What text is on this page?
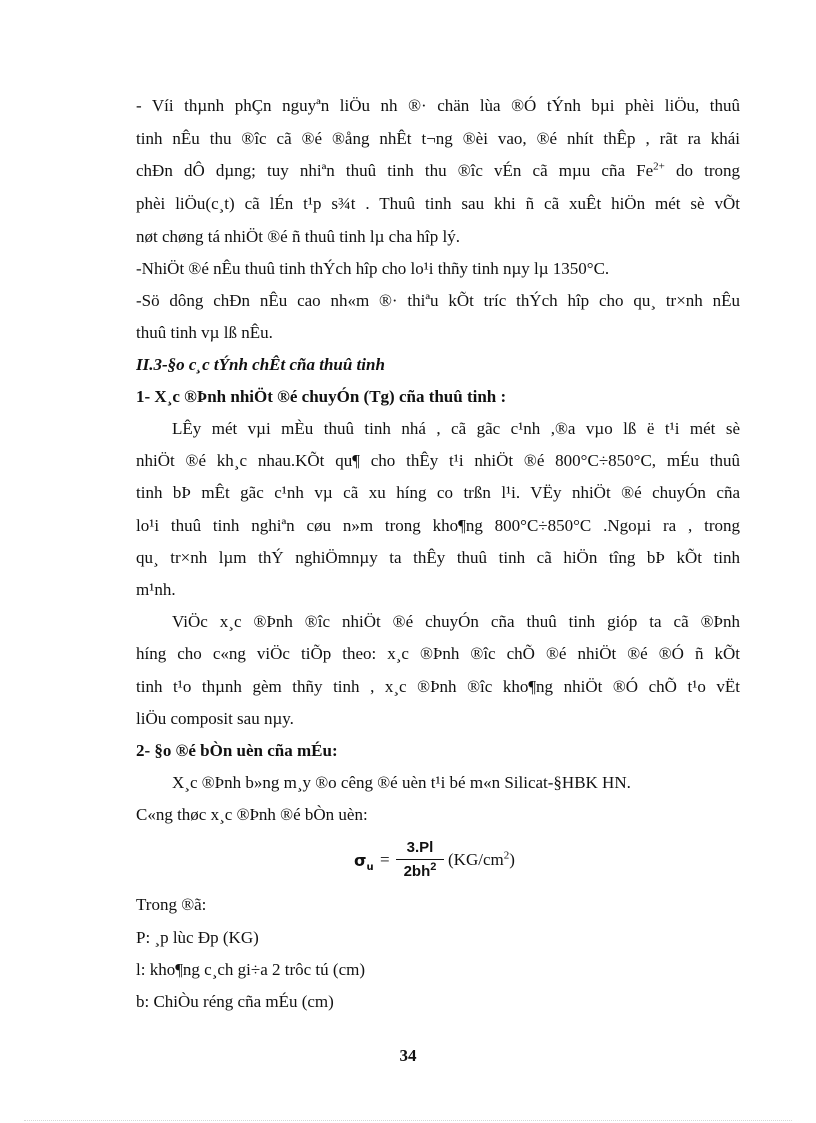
- Víi thµnh phÇn nguyªn liÖu nh ®· chän lùa ®Ó tÝnh bµi phèi liÖu, thuû
tinh nÊu thu ®îc cã ®é ®ång nhÊt t¬ng ®èi vao, ®é nhít thÊp , rãt ra khái
chÐn dÔ dµng; tuy nhiªn thuû tinh thu ®îc vÉn cã mµu cña $Fe^{2+}$ do trong
phèi liÖu(c¸t) cã lÉn t¹p s¾t . Thuû tinh sau khi ñ cã xuÊt hiÖn mét sè vÕt
nøt chøng tá nhiÖt ®é ñ thuû tinh lµ cha hîp lý.
-NhiÖt ®é nÊu thuû tinh thÝch hîp cho lo¹i thñy tinh nµy lµ 1350°C.
-Sö dông chÐn nÊu cao nh«m ®· thiªu kÕt tríc thÝch hîp cho qu¸ tr×nh nÊu
thuû tinh vµ lß nÊu.
II.3-§o c¸c tÝnh chÊt cña thuû tinh
1- X¸c ®Þnh nhiÖt ®é chuyÓn (Tg) cña thuû tinh :
LÊy mét vµi mÈu thuû tinh nhá , cã gãc c¹nh ,®a vµo lß ë t¹i mét sè
nhiÖt ®é kh¸c nhau.KÕt qu¶ cho thÊy t¹i nhiÖt ®é 800°C÷850°C, mÉu thuû
tinh bÞ mÊt gãc c¹nh vµ cã xu híng co trßn l¹i. VËy nhiÖt ®é chuyÓn cña
lo¹i thuû tinh nghiªn cøu n»m trong kho¶ng 800°C÷850°C .Ngoµi ra , trong
qu¸ tr×nh lµm thÝ nghiÖmnµy ta thÊy thuû tinh cã hiÖn tîng bÞ kÕt tinh
m¹nh.
ViÖc x¸c ®Þnh ®îc nhiÖt ®é chuyÓn cña thuû tinh gióp ta cã ®Þnh
híng cho c«ng viÖc tiÕp theo: x¸c ®Þnh ®îc chÕ ®é nhiÖt ®é ®Ó ñ kÕt
tinh t¹o thµnh gèm thñy tinh , x¸c ®Þnh ®îc kho¶ng nhiÖt ®Ó chÕ t¹o vËt
liÖu composit sau nµy.
2- §o ®é bÒn uèn cña mÉu:
X¸c ®Þnh b»ng m¸y ®o cêng ®é uèn t¹i bé m«n Silicat-§HBK HN.
C«ng thøc x¸c ®Þnh ®é bÒn uèn:
$\sigma_u$ =
3.Pl
$2bh^2$ $(KG/cm^2)$
Trong ®ã:
P: ¸p lùc Ðp (KG)
l: kho¶ng c¸ch gi÷a 2 trôc tú (cm)
b: ChiÒu réng cña mÉu (cm)
34
